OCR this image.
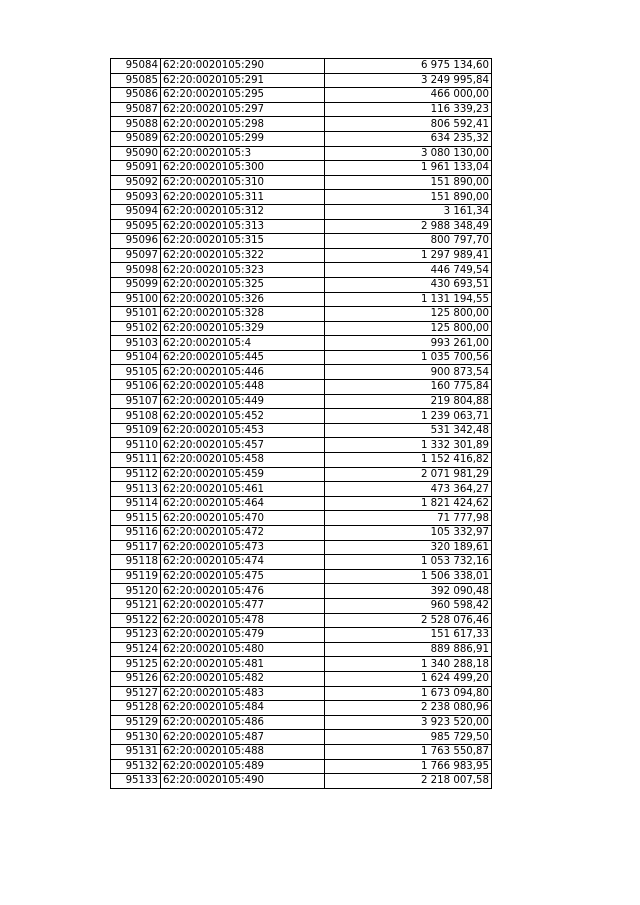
95084	62:20:0020105:290	6 975 134,60
95085	62:20:0020105:291	3 249 995,84
95086	62:20:0020105:295	466 000,00
95087	62:20:0020105:297	116 339,23
95088	62:20:0020105:298	806 592,41
95089	62:20:0020105:299	634 235,32
95090	62:20:0020105:3	3 080 130,00
95091	62:20:0020105:300	1 961 133,04
95092	62:20:0020105:310	151 890,00
95093	62:20:0020105:311	151 890,00
95094	62:20:0020105:312	3 161,34
95095	62:20:0020105:313	2 988 348,49
95096	62:20:0020105:315	800 797,70
95097	62:20:0020105:322	1 297 989,41
95098	62:20:0020105:323	446 749,54
95099	62:20:0020105:325	430 693,51
95100	62:20:0020105:326	1 131 194,55
95101	62:20:0020105:328	125 800,00
95102	62:20:0020105:329	125 800,00
95103	62:20:0020105:4	993 261,00
95104	62:20:0020105:445	1 035 700,56
95105	62:20:0020105:446	900 873,54
95106	62:20:0020105:448	160 775,84
95107	62:20:0020105:449	219 804,88
95108	62:20:0020105:452	1 239 063,71
95109	62:20:0020105:453	531 342,48
95110	62:20:0020105:457	1 332 301,89
95111	62:20:0020105:458	1 152 416,82
95112	62:20:0020105:459	2 071 981,29
95113	62:20:0020105:461	473 364,27
95114	62:20:0020105:464	1 821 424,62
95115	62:20:0020105:470	71 777,98
95116	62:20:0020105:472	105 332,97
95117	62:20:0020105:473	320 189,61
95118	62:20:0020105:474	1 053 732,16
95119	62:20:0020105:475	1 506 338,01
95120	62:20:0020105:476	392 090,48
95121	62:20:0020105:477	960 598,42
95122	62:20:0020105:478	2 528 076,46
95123	62:20:0020105:479	151 617,33
95124	62:20:0020105:480	889 886,91
95125	62:20:0020105:481	1 340 288,18
95126	62:20:0020105:482	1 624 499,20
95127	62:20:0020105:483	1 673 094,80
95128	62:20:0020105:484	2 238 080,96
95129	62:20:0020105:486	3 923 520,00
95130	62:20:0020105:487	985 729,50
95131	62:20:0020105:488	1 763 550,87
95132	62:20:0020105:489	1 766 983,95
95133	62:20:0020105:490	2 218 007,58
